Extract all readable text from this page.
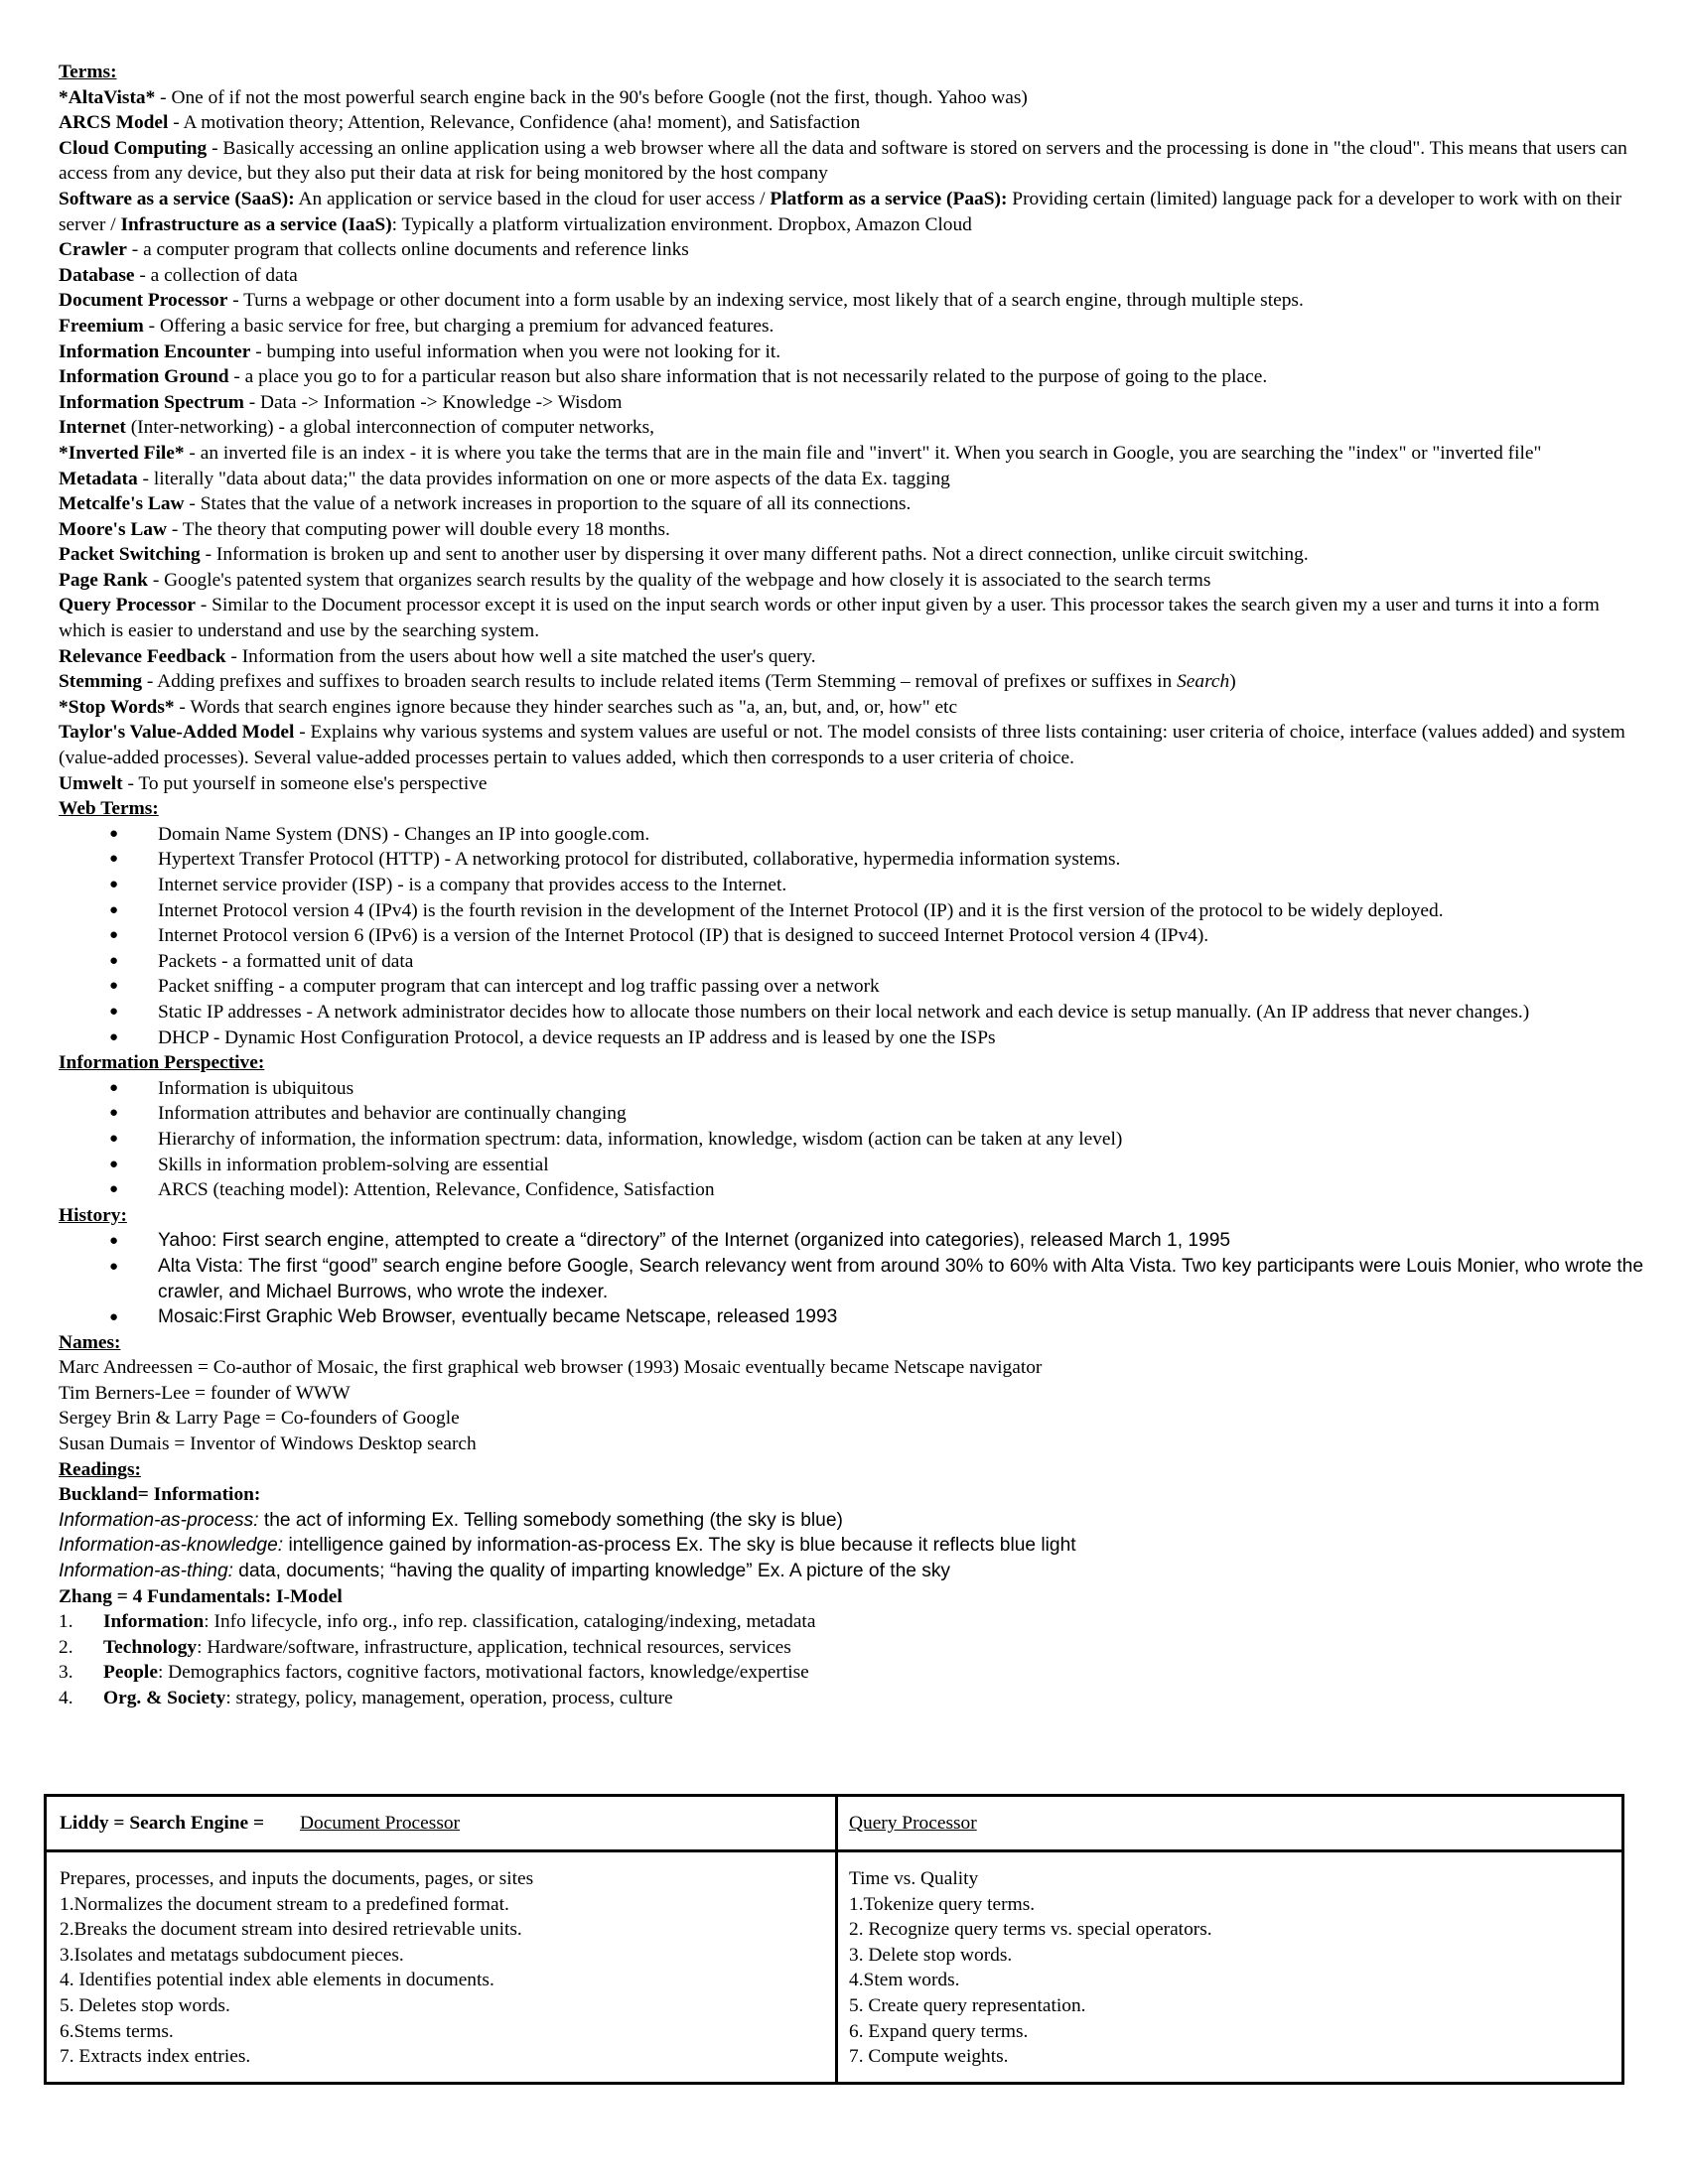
Terms:

*AltaVista* - One of if not the most powerful search engine back in the 90's before Google (not the first, though. Yahoo was)

ARCS Model - A motivation theory; Attention, Relevance, Confidence (aha! moment), and Satisfaction

Cloud Computing - Basically accessing an online application using a web browser where all the data and software is stored on servers and the processing is done in "the cloud". This means that users can access from any device, but they also put their data at risk for being monitored by the host company

Software as a service (SaaS): An application or service based in the cloud for user access / Platform as a service (PaaS): Providing certain (limited) language pack for a developer to work with on their server / Infrastructure as a service (IaaS): Typically a platform virtualization environment. Dropbox, Amazon Cloud

Crawler - a computer program that collects online documents and reference links

Database - a collection of data

Document Processor - Turns a webpage or other document into a form usable by an indexing service, most likely that of a search engine, through multiple steps.

Freemium - Offering a basic service for free, but charging a premium for advanced features.

Information Encounter - bumping into useful information when you were not looking for it.

Information Ground - a place you go to for a particular reason but also share information that is not necessarily related to the purpose of going to the place.

Information Spectrum - Data -> Information -> Knowledge -> Wisdom

Internet (Inter-networking) - a global interconnection of computer networks,

*Inverted File* - an inverted file is an index - it is where you take the terms that are in the main file and "invert" it. When you search in Google, you are searching the "index" or "inverted file"

Metadata - literally "data about data;" the data provides information on one or more aspects of the data Ex. tagging

Metcalfe's Law - States that the value of a network increases in proportion to the square of all its connections.

Moore's Law - The theory that computing power will double every 18 months.

Packet Switching - Information is broken up and sent to another user by dispersing it over many different paths. Not a direct connection, unlike circuit switching.

Page Rank - Google's patented system that organizes search results by the quality of the webpage and how closely it is associated to the search terms

Query Processor - Similar to the Document processor except it is used on the input search words or other input given by a user. This processor takes the search given my a user and turns it into a form which is easier to understand and use by the searching system.

Relevance Feedback - Information from the users about how well a site matched the user's query.

Stemming - Adding prefixes and suffixes to broaden search results to include related items (Term Stemming – removal of prefixes or suffixes in Search)

*Stop Words* - Words that search engines ignore because they hinder searches such as "a, an, but, and, or, how" etc

Taylor's Value-Added Model - Explains why various systems and system values are useful or not. The model consists of three lists containing: user criteria of choice, interface (values added) and system (value-added processes). Several value-added processes pertain to values added, which then corresponds to a user criteria of choice.

Umwelt - To put yourself in someone else's perspective

Web Terms:

● Domain Name System (DNS) - Changes an IP into google.com.
● Hypertext Transfer Protocol (HTTP) - A networking protocol for distributed, collaborative, hypermedia information systems.
● Internet service provider (ISP) - is a company that provides access to the Internet.
● Internet Protocol version 4 (IPv4) is the fourth revision in the development of the Internet Protocol (IP) and it is the first version of the protocol to be widely deployed.
● Internet Protocol version 6 (IPv6) is a version of the Internet Protocol (IP) that is designed to succeed Internet Protocol version 4 (IPv4).
● Packets - a formatted unit of data
● Packet sniffing - a computer program that can intercept and log traffic passing over a network
● Static IP addresses - A network administrator decides how to allocate those numbers on their local network and each device is setup manually. (An IP address that never changes.)
● DHCP - Dynamic Host Configuration Protocol, a device requests an IP address and is leased by one the ISPs

Information Perspective:

● Information is ubiquitous
● Information attributes and behavior are continually changing
● Hierarchy of information, the information spectrum: data, information, knowledge, wisdom (action can be taken at any level)
● Skills in information problem-solving are essential
● ARCS (teaching model): Attention, Relevance, Confidence, Satisfaction

History:

● Yahoo: First search engine, attempted to create a “directory” of the Internet (organized into categories), released March 1, 1995
● Alta Vista: The first “good” search engine before Google, Search relevancy went from around 30% to 60% with Alta Vista. Two key participants were Louis Monier, who wrote the crawler, and Michael Burrows, who wrote the indexer.
● Mosaic:First Graphic Web Browser, eventually became Netscape, released 1993

Names:

Marc Andreessen = Co-author of Mosaic, the first graphical web browser (1993) Mosaic eventually became Netscape navigator

Tim Berners-Lee = founder of WWW

Sergey Brin & Larry Page = Co-founders of Google

Susan Dumais = Inventor of Windows Desktop search

Readings:

Buckland= Information:

Information-as-process: the act of informing Ex. Telling somebody something (the sky is blue)

Information-as-knowledge: intelligence gained by information-as-process Ex. The sky is blue because it reflects blue light

Information-as-thing: data, documents; “having the quality of imparting knowledge” Ex. A picture of the sky

Zhang = 4 Fundamentals: I-Model

1. Information: Info lifecycle, info org., info rep. classification, cataloging/indexing, metadata
2. Technology: Hardware/software, infrastructure, application, technical resources, services
3. People: Demographics factors, cognitive factors, motivational factors, knowledge/expertise
4. Org. & Society: strategy, policy, management, operation, process, culture
Liddy = Search Engine = Document Processor	Query Processor
Prepares, processes, and inputs the documents, pages, or sites
1.Normalizes the document stream to a predefined format.
2.Breaks the document stream into desired retrievable units.
3.Isolates and metatags subdocument pieces.
4. Identifies potential index able elements in documents.
5. Deletes stop words.
6.Stems terms.
7. Extracts index entries.
Time vs. Quality
1.Tokenize query terms.
2. Recognize query terms vs. special operators.
3. Delete stop words.
4.Stem words.
5. Create query representation.
6. Expand query terms.
7. Compute weights.
